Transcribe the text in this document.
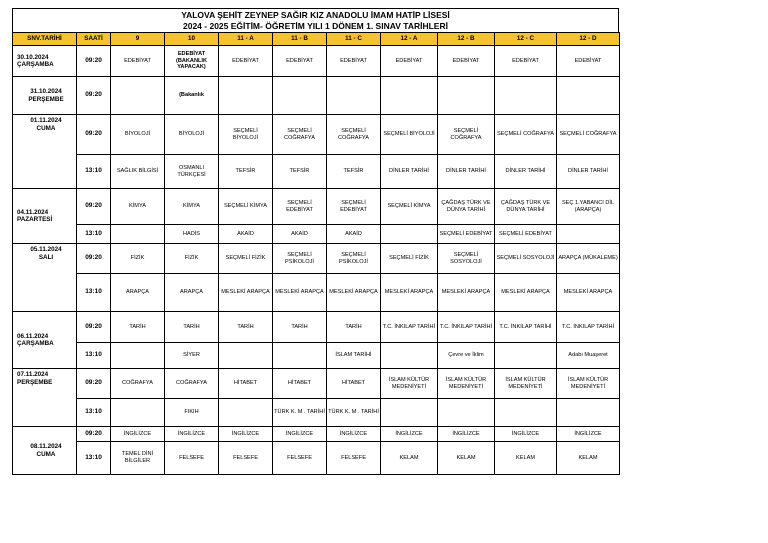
YALOVA ŞEHİT ZEYNEP SAĞIR KIZ ANADOLU İMAM HATİP LİSESİ
2024 - 2025 EĞİTİM- ÖĞRETİM YILI 1 DÖNEM 1. SINAV TARİHLERİ
SNV.TARİHİ	SAATİ	9	10	11 - A	11 - B	11 - C	12 - A	12 - B	12 - C	12 - D

30.10.2024
ÇARŞAMBA	09:20	EDEBİYAT	EDEBİYAT (BAKANLIK YAPACAK)	EDEBİYAT	EDEBİYAT	EDEBİYAT	EDEBİYAT	EDEBİYAT	EDEBİYAT	EDEBİYAT

31.10.2024
PERŞEMBE	09:20		(Bakanlık							

01.11.2024
CUMA	09:20	BİYOLOJİ	BİYOLOJİ	SEÇMELİ BİYOLOJİ	SEÇMELİ COĞRAFYA	SEÇMELİ COĞRAFYA	SEÇMELİ BİYOLOJİ	SEÇMELİ COĞRAFYA	SEÇMELİ COĞRAFYA	SEÇMELİ COĞRAFYA
	13:10	SAĞLIK BİLGİSİ	OSMANLI TÜRKÇESİ	TEFSİR	TEFSİR	TEFSİR	DİNLER TARİHİ	DİNLER TARİHİ	DİNLER TARİHİ	DİNLER TARİHİ

04.11.2024
PAZARTESİ	09:20	KİMYA	KİMYA	SEÇMELİ KİMYA	SEÇMELİ EDEBİYAT	SEÇMELİ EDEBİYAT	SEÇMELİ KİMYA	ÇAĞDAŞ TÜRK VE DÜNYA TARİHİ	ÇAĞDAŞ TÜRK VE DÜNYA TARİHİ	SEÇ 1.YABANCI DİL (ARAPÇA)
	13:10		HADİS	AKAİD	AKAİD	AKAİD		SEÇMELİ EDEBİYAT	SEÇMELİ EDEBİYAT	

05.11.2024
SALI	09:20	FİZİK	FİZİK	SEÇMELİ FİZİK	SEÇMELİ PSİKOLOJİ	SEÇMELİ PSİKOLOJİ	SEÇMELİ FİZİK	SEÇMELİ SOSYOLOJİ	SEÇMELİ SOSYOLOJİ	ARAPÇA (MÜKALEME)
	13:10	ARAPÇA	ARAPÇA	MESLEKİ ARAPÇA	MESLEKİ ARAPÇA	MESLEKİ ARAPÇA	MESLEKİ ARAPÇA	MESLEKİ ARAPÇA	MESLEKİ ARAPÇA	MESLEKİ ARAPÇA

06.11.2024
ÇARŞAMBA	09:20	TARİH	TARİH	TARİH	TARİH	TARİH	T.C. İNKILAP TARİHİ	T.C. İNKILAP TARİHİ	T.C. İNKILAP TARİHİ	T.C. İNKILAP TARİHİ
	13:10		SİYER			İSLAM TARİHİ		Çevre ve İklim		Adabı Muaşeret

07.11.2024
PERŞEMBE	09:20	COĞRAFYA	COĞRAFYA	HİTABET	HİTABET	HİTABET	İSLAM KÜLTÜR MEDENİYETİ	İSLAM KÜLTÜR MEDENİYETİ	İSLAM KÜLTÜR MEDENİYETİ	İSLAM KÜLTÜR MEDENİYETİ
	13:10		FIKIH		TÜRK K. M . TARİHİ	TÜRK K. M . TARİHİ				

08.11.2024
CUMA	09:20	İNGİLİZCE	İNGİLİZCE	İNGİLİZCE	İNGİLİZCE	İNGİLİZCE	İNGİLİZCE	İNGİLİZCE	İNGİLİZCE	İNGİLİZCE
	13:10	TEMEL DİNİ BİLGİLER	FELSEFE	FELSEFE	FELSEFE	FELSEFE	KELAM	KELAM	KELAM	KELAM
